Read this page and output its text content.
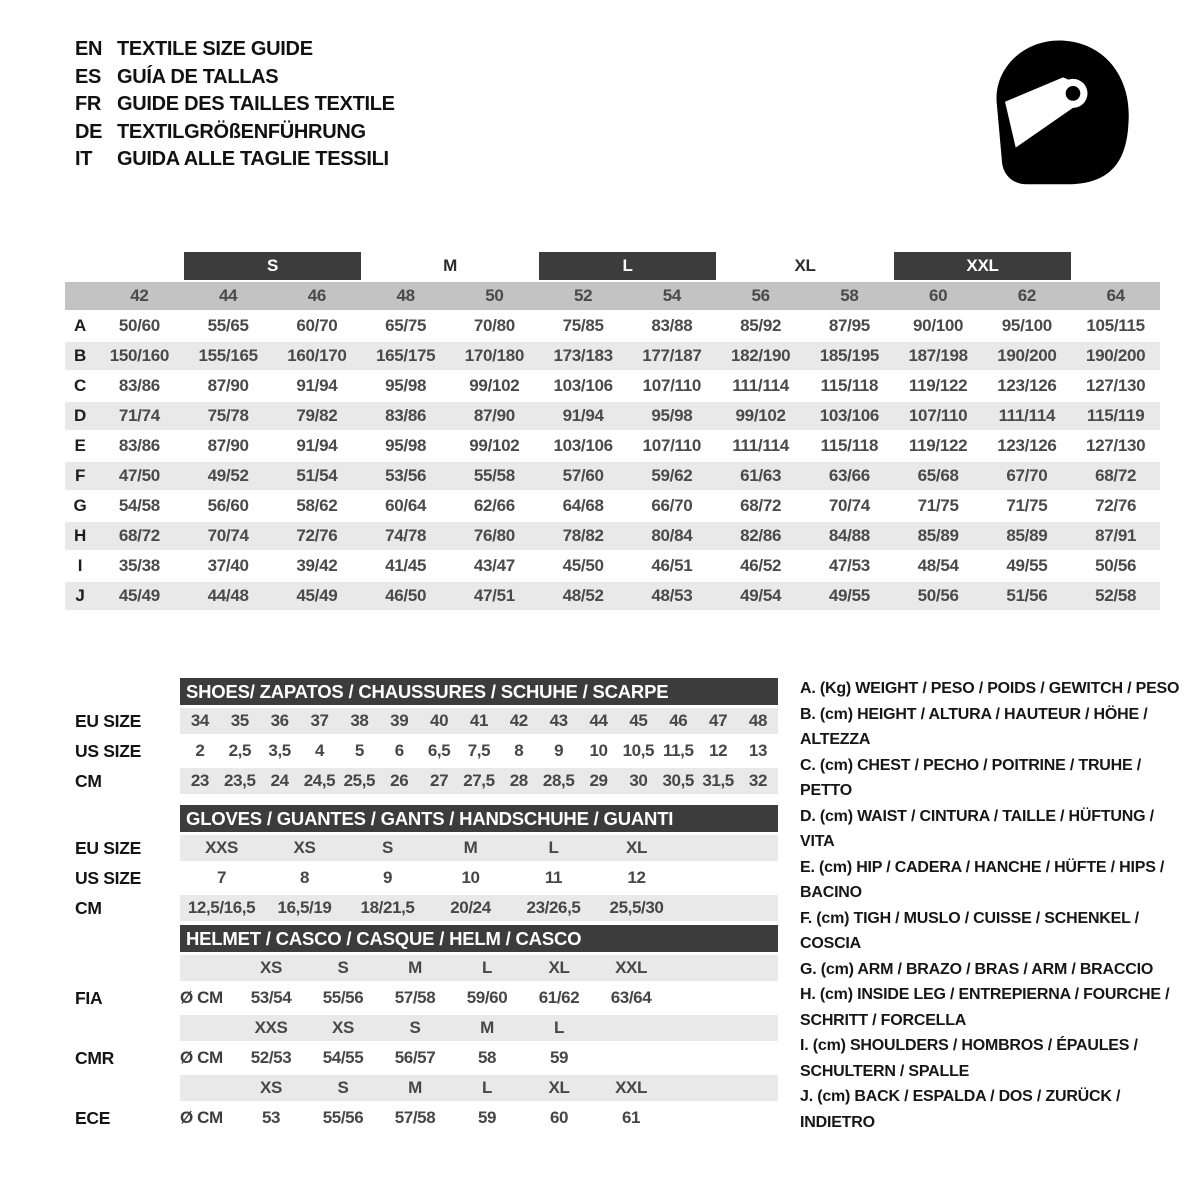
EN TEXTILE SIZE GUIDE
ES GUÍA DE TALLAS
FR GUIDE DES TAILLES TEXTILE
DE TEXTILGRÖßENFÜHRUNG
IT	GUIDA ALLE TAGLIE TESSILI
		S		M		L		XL		XXL		
	42	44	46	48	50	52	54	56	58	60	62	64
A	50/60	55/65	60/70	65/75	70/80	75/85	83/88	85/92	87/95	90/100	95/100	105/115
B	150/160	155/165	160/170	165/175	170/180	173/183	177/187	182/190	185/195	187/198	190/200	190/200
C	83/86	87/90	91/94	95/98	99/102	103/106	107/110	111/114	115/118	119/122	123/126	127/130
D	71/74	75/78	79/82	83/86	87/90	91/94	95/98	99/102	103/106	107/110	111/114	115/119
E	83/86	87/90	91/94	95/98	99/102	103/106	107/110	111/114	115/118	119/122	123/126	127/130
F	47/50	49/52	51/54	53/56	55/58	57/60	59/62	61/63	63/66	65/68	67/70	68/72
G	54/58	56/60	58/62	60/64	62/66	64/68	66/70	68/72	70/74	71/75	71/75	72/76
H	68/72	70/74	72/76	74/78	76/80	78/82	80/84	82/86	84/88	85/89	85/89	87/91
I	35/38	37/40	39/42	41/45	43/47	45/50	46/51	46/52	47/53	48/54	49/55	50/56
J	45/49	44/48	45/49	46/50	47/51	48/52	48/53	49/54	49/55	50/56	51/56	52/58
SHOES/ ZAPATOS / CHAUSSURES / SCHUHE / SCARPE
EU SIZE	34	35	36	37	38	39	40	41	42	43	44	45	46	47	48
US SIZE	2	2,5	3,5	4	5	6	6,5	7,5	8	9	10 10,5 11,5 12	13
CM	23 23,5 24 24,5 25,5 26	27 27,5 28 28,5 29	30 30,5 31,5 32
GLOVES / GUANTES / GANTS / HANDSCHUHE / GUANTI
EU SIZE	XXS	XS	S	M	L	XL
US SIZE	7	8	9	10	11	12
CM	12,5/16,5	16,5/19	18/21,5	20/24	23/26,5	25,5/30
HELMET / CASCO / CASQUE / HELM / CASCO
XS	S	M	L	XL	XXL
FIA	Ø CM	53/54	55/56	57/58	59/60	61/62	63/64
XXS	XS	S	M	L
CMR	Ø CM	52/53	54/55	56/57	58	59
XS	S	M	L	XL	XXL
ECE	Ø CM	53	55/56	57/58	59	60	61
A. (Kg) WEIGHT / PESO / POIDS / GEWITCH / PESO
B. (cm) HEIGHT / ALTURA / HAUTEUR / HÖHE / ALTEZZA
C. (cm) CHEST / PECHO / POITRINE / TRUHE / PETTO
D. (cm) WAIST / CINTURA / TAILLE / HÜFTUNG / VITA
E. (cm) HIP / CADERA / HANCHE / HÜFTE / HIPS / BACINO
F. (cm) TIGH / MUSLO / CUISSE / SCHENKEL / COSCIA
G. (cm) ARM / BRAZO / BRAS / ARM / BRACCIO
H. (cm) INSIDE LEG / ENTREPIERNA / FOURCHE / SCHRITT / FORCELLA
I. (cm) SHOULDERS / HOMBROS / ÉPAULES / SCHULTERN / SPALLE
J. (cm) BACK / ESPALDA / DOS / ZURÜCK / INDIETRO
